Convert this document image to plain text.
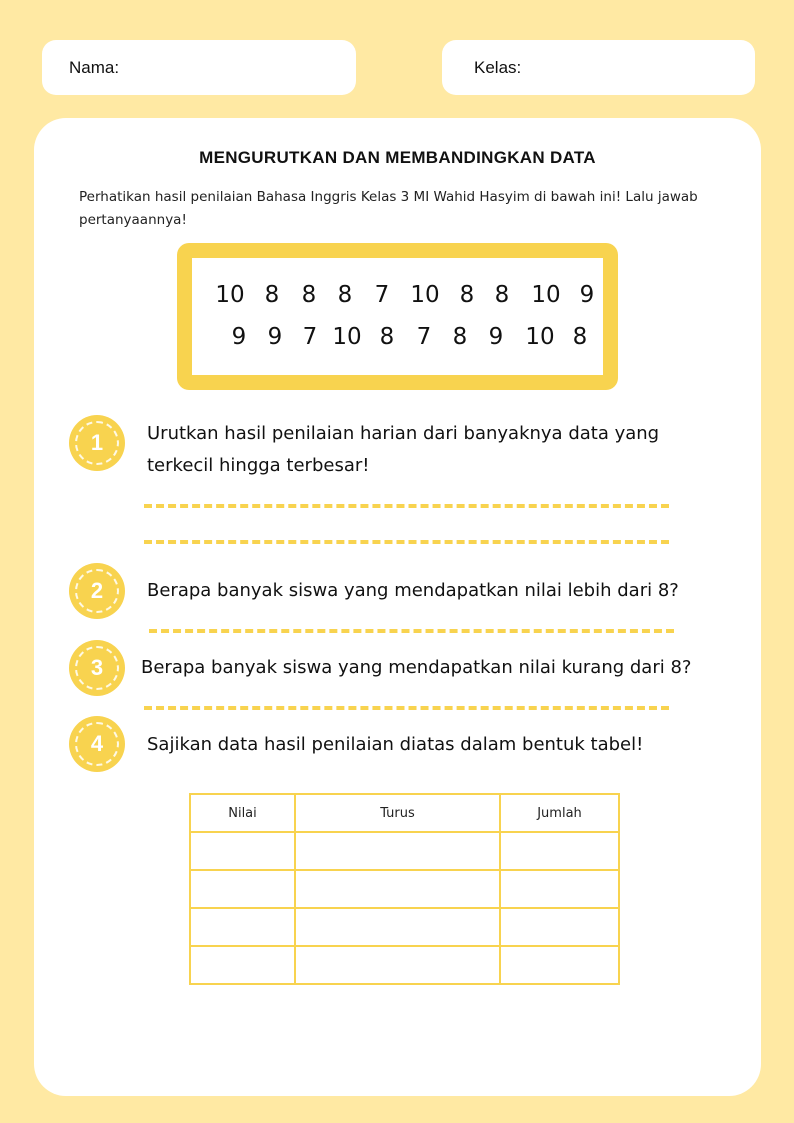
Nama:	Kelas:
MENGURUTKAN DAN MEMBANDINGKAN DATA
Perhatikan hasil penilaian Bahasa Inggris Kelas 3 MI Wahid Hasyim di bawah ini! Lalu jawab pertanyaannya!
10 8 8 8 7 10 8 8 10 9
9 9 7 10 8 7 8 9 10 8
1 Urutkan hasil penilaian harian dari banyaknya data yang terkecil hingga terbesar!
2 Berapa banyak siswa yang mendapatkan nilai lebih dari 8?
3 Berapa banyak siswa yang mendapatkan nilai kurang dari 8?
4 Sajikan data hasil penilaian diatas dalam bentuk tabel!
Nilai	Turus	Jumlah
